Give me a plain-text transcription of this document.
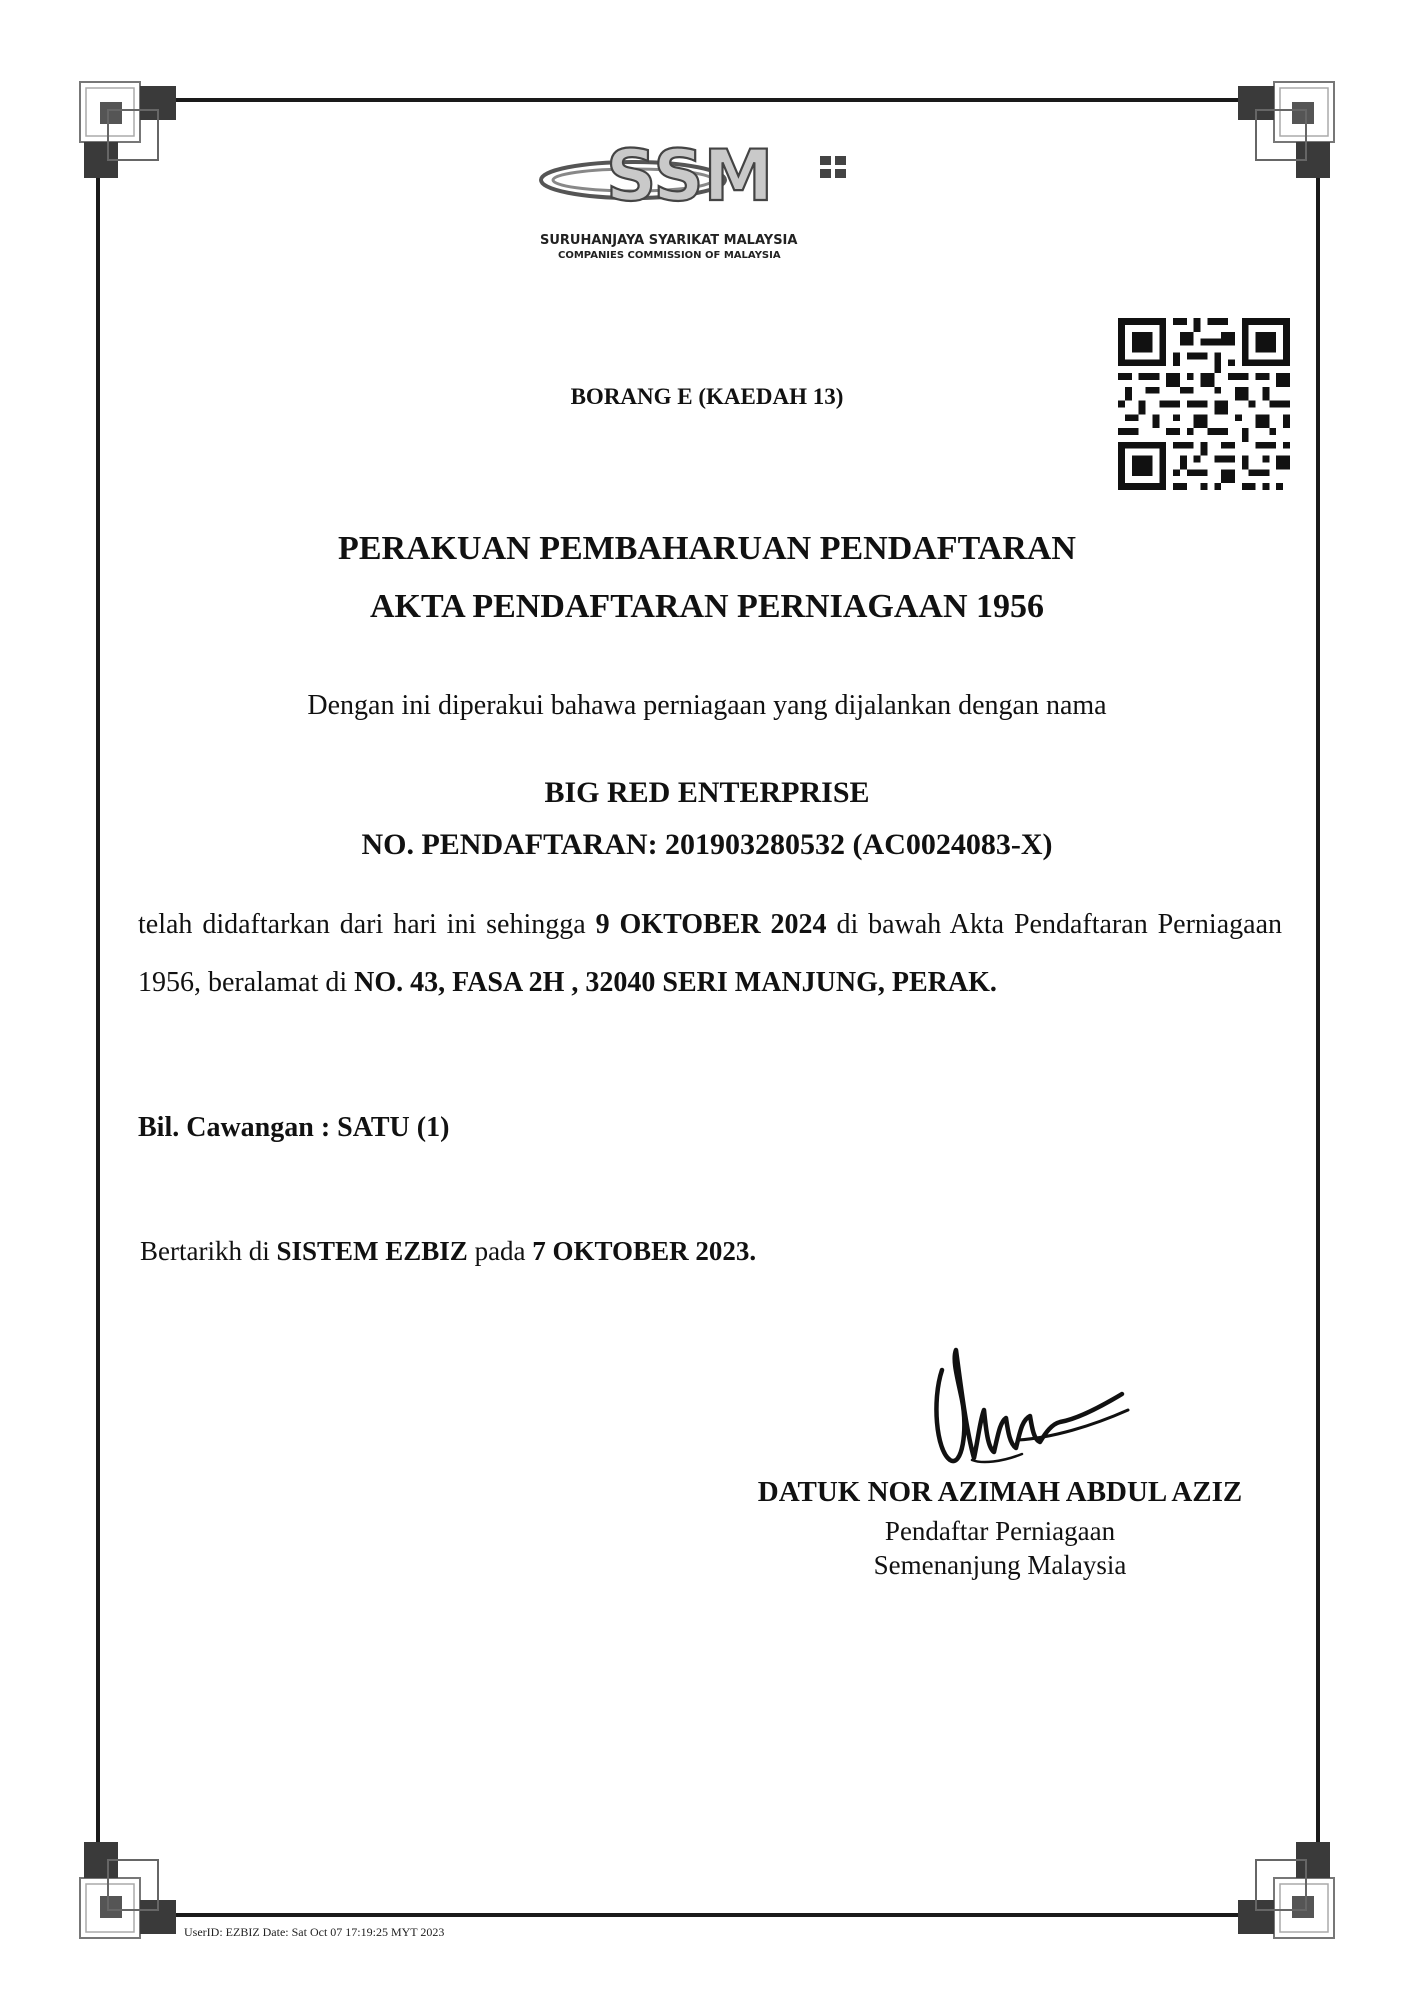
SSM
SURUHANJAYA SYARIKAT MALAYSIA
COMPANIES COMMISSION OF MALAYSIA
BORANG E (KAEDAH 13)
PERAKUAN PEMBAHARUAN PENDAFTARAN
AKTA PENDAFTARAN PERNIAGAAN 1956
Dengan ini diperakui bahawa perniagaan yang dijalankan dengan nama
BIG RED ENTERPRISE
NO. PENDAFTARAN: 201903280532 (AC0024083-X)
telah didaftarkan dari hari ini sehingga 9 OKTOBER 2024 di bawah Akta Pendaftaran Perniagaan 1956, beralamat di NO. 43, FASA 2H , 32040 SERI MANJUNG, PERAK.
Bil. Cawangan : SATU (1)
Bertarikh di SISTEM EZBIZ pada 7 OKTOBER 2023.
DATUK NOR AZIMAH ABDUL AZIZ
Pendaftar Perniagaan
Semenanjung Malaysia
UserID: EZBIZ Date: Sat Oct 07 17:19:25 MYT 2023
